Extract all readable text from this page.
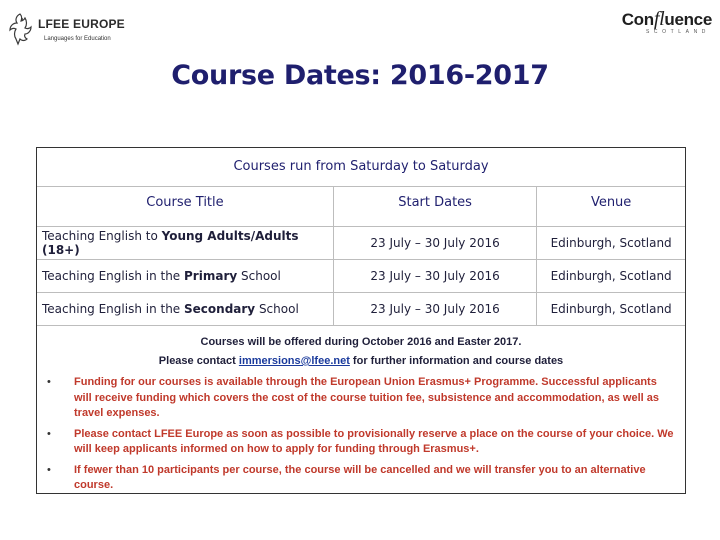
LFEE EUROPE
Languages for Education
Confluence
SCOTLAND
Course Dates: 2016-2017
Courses run from Saturday to Saturday		
Course Title	Start Dates	Venue
Teaching English to Young Adults/Adults (18+)	23 July – 30 July 2016	Edinburgh, Scotland
Teaching English in the Primary School	23 July – 30 July 2016	Edinburgh, Scotland
Teaching English in the Secondary School	23 July – 30 July 2016	Edinburgh, Scotland
Courses will be offered during October 2016 and Easter 2017.
Please contact immersions@lfee.net for further information and course dates
• Funding for our courses is available through the European Union Erasmus+ Programme. Successful applicants will receive funding which covers the cost of the course tuition fee, subsistence and accommodation, as well as travel expenses.
• Please contact LFEE Europe as soon as possible to provisionally reserve a place on the course of your choice. We will keep applicants informed on how to apply for funding through Erasmus+.
• If fewer than 10 participants per course, the course will be cancelled and we will transfer you to an alternative course.
